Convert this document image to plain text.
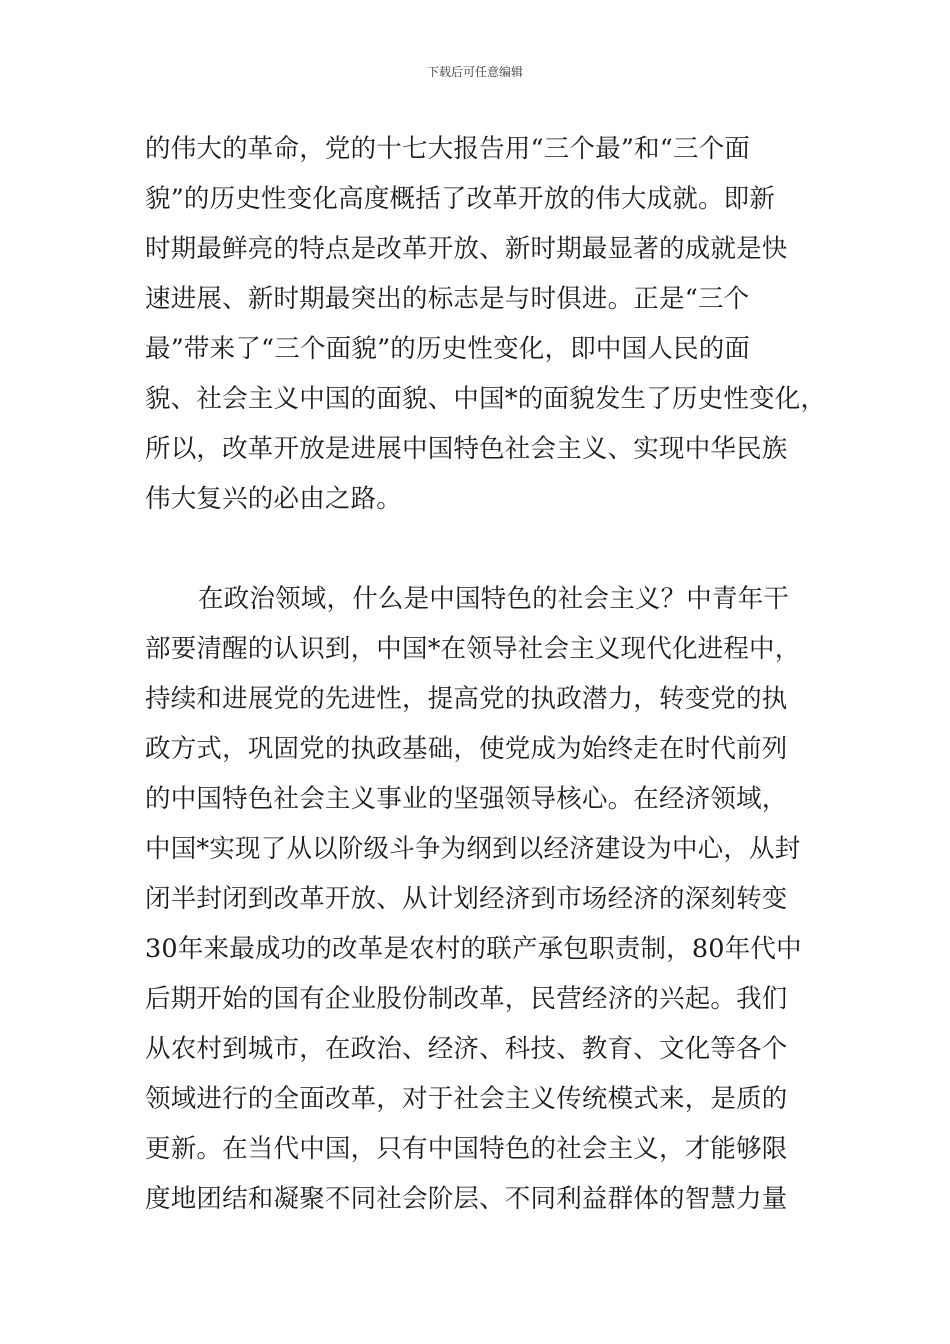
下载后可任意编辑
的伟大的革命，党的十七大报告用“三个最”和“三个面
貌”的历史性变化高度概括了改革开放的伟大成就。即新
时期最鲜亮的特点是改革开放、新时期最显著的成就是快
速进展、新时期最突出的标志是与时俱进。正是“三个
最”带来了“三个面貌”的历史性变化，即中国人民的面
貌、社会主义中国的面貌、中国*的面貌发生了历史性变化，
所以，改革开放是进展中国特色社会主义、实现中华民族
伟大复兴的必由之路。
在政治领域，什么是中国特色的社会主义？中青年干
部要清醒的认识到，中国*在领导社会主义现代化进程中，
持续和进展党的先进性，提高党的执政潜力，转变党的执
政方式，巩固党的执政基础，使党成为始终走在时代前列
的中国特色社会主义事业的坚强领导核心。在经济领域，
中国*实现了从以阶级斗争为纲到以经济建设为中心，从封
闭半封闭到改革开放、从计划经济到市场经济的深刻转变
30年来最成功的改革是农村的联产承包职责制，80年代中
后期开始的国有企业股份制改革，民营经济的兴起。我们
从农村到城市，在政治、经济、科技、教育、文化等各个
领域进行的全面改革，对于社会主义传统模式来，是质的
更新。在当代中国，只有中国特色的社会主义，才能够限
度地团结和凝聚不同社会阶层、不同利益群体的智慧力量
